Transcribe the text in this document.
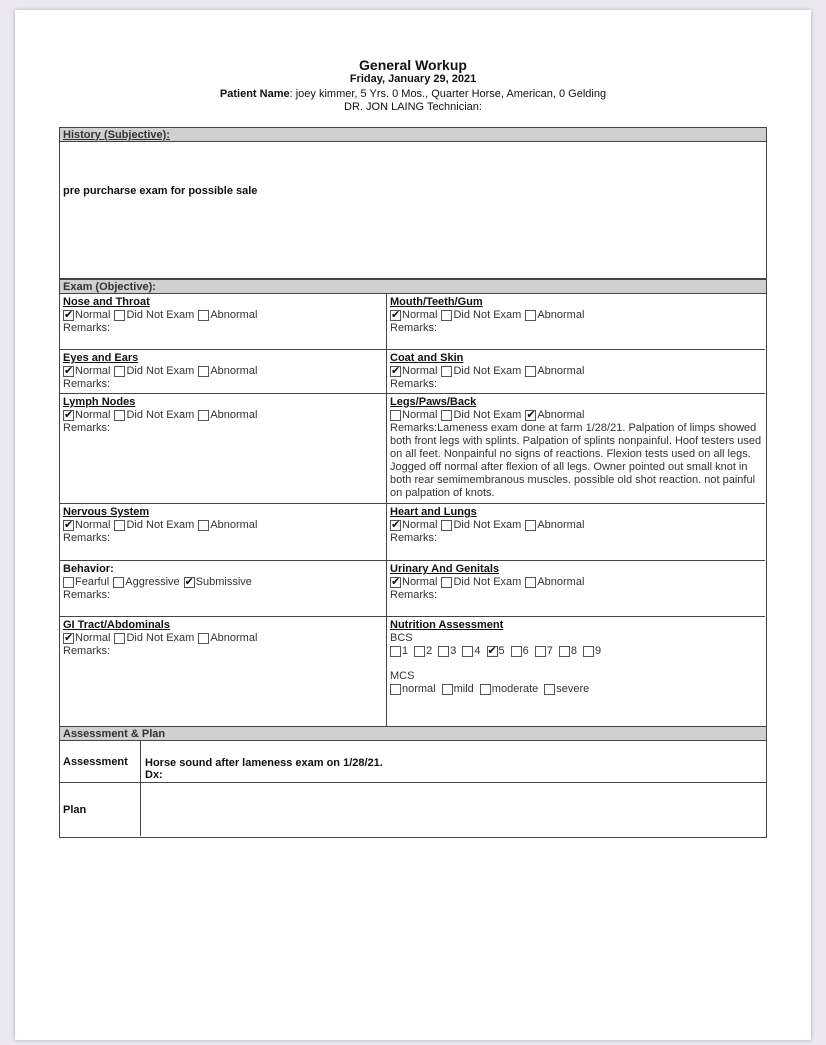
General Workup
Friday, January 29, 2021
Patient Name: joey kimmer, 5 Yrs. 0 Mos., Quarter Horse, American, 0 Gelding
DR. JON LAING Technician:
History (Subjective):
pre purcharse exam for possible sale
Exam (Objective):
Nose and Throat
✔
Normal Did Not Exam Abnormal
Remarks:
Mouth/Teeth/Gum
✔
Normal Did Not Exam Abnormal
Remarks:
Eyes and Ears
✔
Normal Did Not Exam Abnormal
Remarks:
Coat and Skin
✔
Normal Did Not Exam Abnormal
Remarks:
Lymph Nodes
✔
Normal Did Not Exam Abnormal
Remarks:
Legs/Paws/Back
Normal Did Not Exam ✔ Abnormal
Remarks:Lameness exam done at farm 1/28/21. Palpation of limps showed both front legs with splints. Palpation of splints nonpainful. Hoof testers used on all feet. Nonpainful no signs of reactions. Flexion tests used on all legs. Jogged off normal after flexion of all legs. Owner pointed out small knot in both rear semimembranous muscles. possible old shot reaction. not painful on palpation of knots.
Nervous System
✔
Normal Did Not Exam Abnormal
Remarks:
Heart and Lungs
✔
Normal Did Not Exam Abnormal
Remarks:
Behavior:
Fearful Aggressive ✔ Submissive
Remarks:
Urinary And Genitals
✔
Normal Did Not Exam Abnormal
Remarks:
GI Tract/Abdominals
✔
Normal Did Not Exam Abnormal
Remarks:
Nutrition Assessment
BCS
1 2 3 4 ✔ 5 6 7 8 9
MCS
normal mild moderate severe
Assessment & Plan
Assessment	Horse sound after lameness exam on 1/28/21.
Dx:
Plan
